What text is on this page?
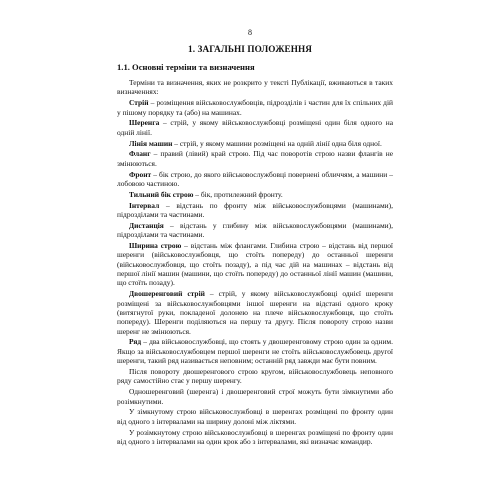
8
1. ЗАГАЛЬНІ ПОЛОЖЕННЯ
1.1. Основні терміни та визначення

Терміни та визначення, яких не розкрито у тексті Публікації, вживаються в таких визначеннях:

Стрій – розміщення військовослужбовців, підрозділів і частин для їх спільних дій у пішому порядку та (або) на машинах.

Шеренга – стрій, у якому військовослужбовці розміщені один біля одного на одній лінії.

Лінія машин – стрій, у якому машини розміщені на одній лінії одна біля одної.

Фланг – правий (лівий) край строю. Під час поворотів строю назви флангів не змінюються.

Фронт – бік строю, до якого військовослужбовці повернені обличчям, а машини – лобовою частиною.

Тильний бік строю – бік, протилежний фронту.

Інтервал – відстань по фронту між військовослужбовцями (машинами), підрозділами та частинами.

Дистанція – відстань у глибину між військовослужбовцями (машинами), підрозділами та частинами.

Ширина строю – відстань між флангами. Глибина строю – відстань від першої шеренги (військовослужбовця, що стоїть попереду) до останньої шеренги (військовослужбовця, що стоїть позаду), а під час дій на машинах – відстань від першої лінії машин (машини, що стоїть попереду) до останньої лінії машин (машини, що стоїть позаду).

Двошеренговий стрій – стрій, у якому військовослужбовці однієї шеренги розміщені за військовослужбовцями іншої шеренги на відстані одного кроку (витягнутої руки, покладеної долонею на плече військовослужбовця, що стоїть попереду). Шеренги поділяються на першу та другу. Після повороту строю назви шеренг не змінюються.

Ряд – два військовослужбовці, що стоять у двошеренговому строю один за одним. Якщо за військовослужбовцем першої шеренги не стоїть військовослужбовець другої шеренги, такий ряд називається неповним; останній ряд завжди має бути повним.

Після повороту двошеренгового строю кругом, військовослужбовець неповного ряду самостійно стає у першу шеренгу.

Одношеренговий (шеренга) і двошеренговий строї можуть бути зімкнутими або розімкнутими.

У зімкнутому строю військовослужбовці в шеренгах розміщені по фронту один від одного з інтервалами на ширину долоні між ліктями.

У розімкнутому строю військовослужбовці в шеренгах розміщені по фронту один від одного з інтервалами на один крок або з інтервалами, які визначає командир.
